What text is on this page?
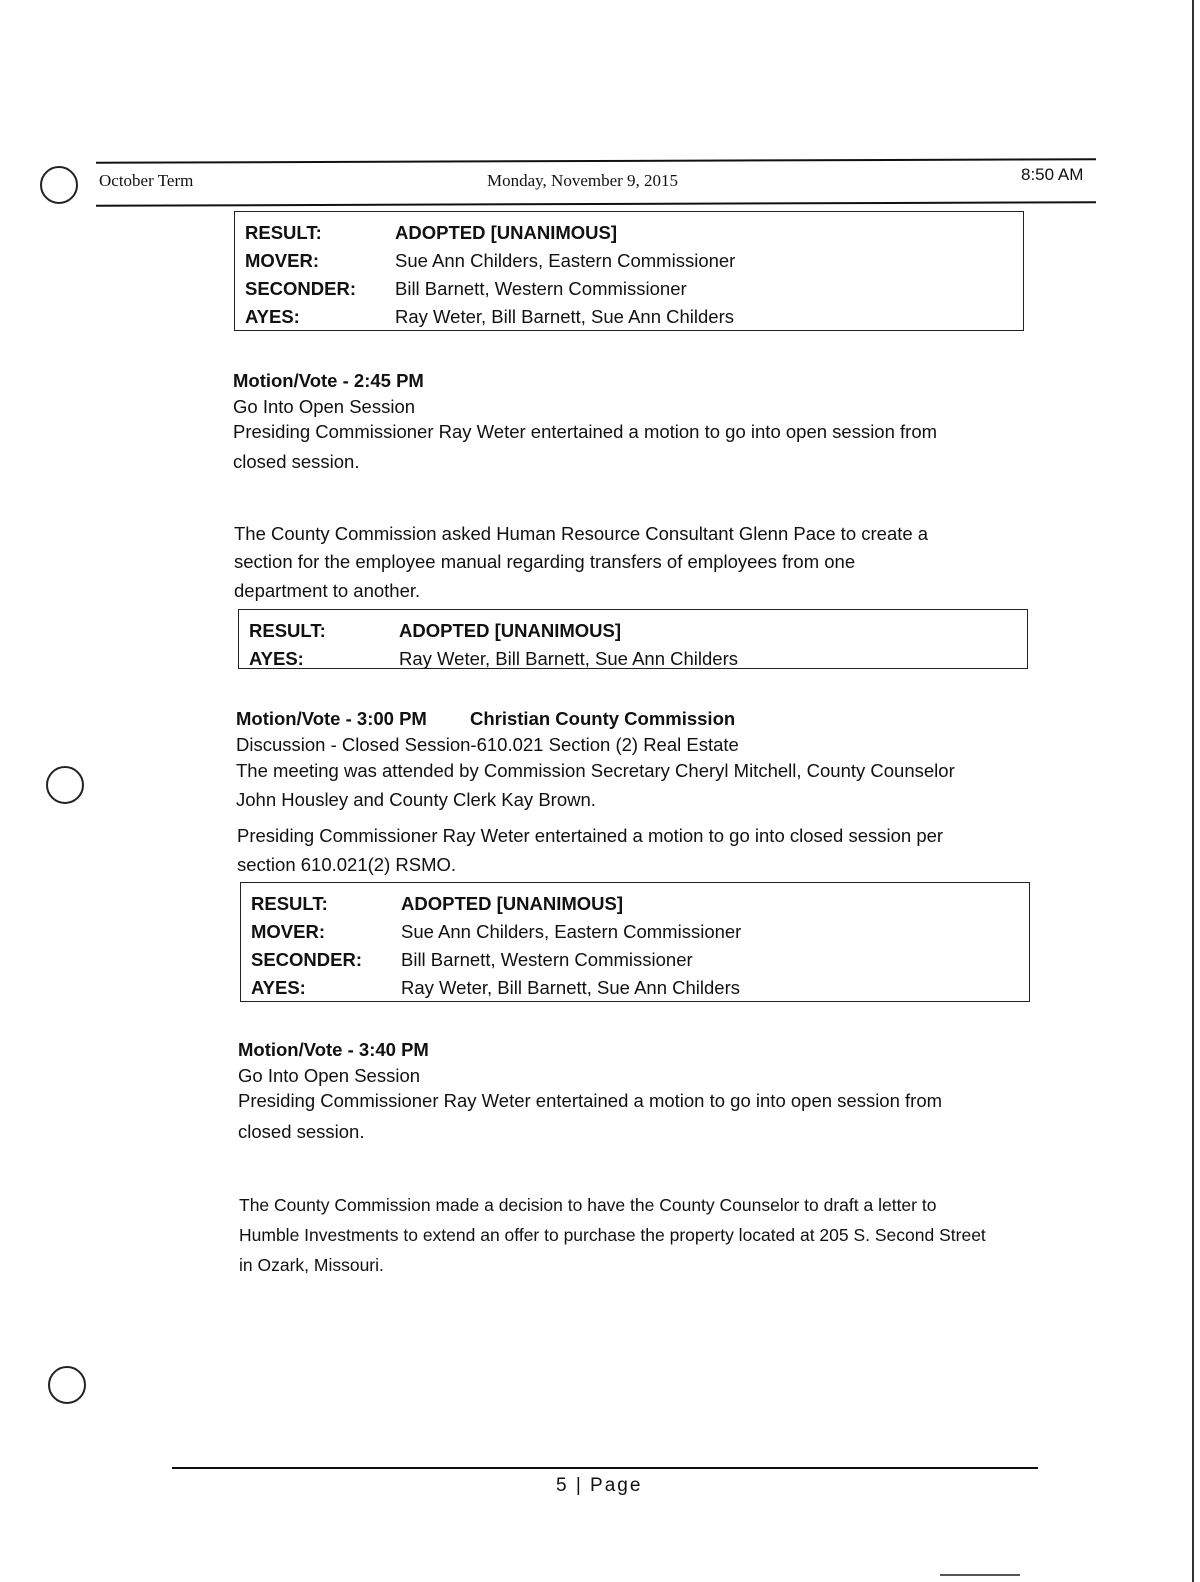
October Term	Monday, November 9, 2015	8:50 AM
RESULT:	ADOPTED [UNANIMOUS]
MOVER:	Sue Ann Childers, Eastern Commissioner
SECONDER: Bill Barnett, Western Commissioner
AYES:	Ray Weter, Bill Barnett, Sue Ann Childers
Motion/Vote - 2:45 PM
Go Into Open Session
Presiding Commissioner Ray Weter entertained a motion to go into open session from
closed session.
The County Commission asked Human Resource Consultant Glenn Pace to create a
section for the employee manual regarding transfers of employees from one
department to another.
RESULT:	ADOPTED [UNANIMOUS]
AYES:	Ray Weter, Bill Barnett, Sue Ann Childers
Motion/Vote - 3:00 PM Christian County Commission
Discussion - Closed Session-610.021 Section (2) Real Estate
The meeting was attended by Commission Secretary Cheryl Mitchell, County Counselor
John Housley and County Clerk Kay Brown.
Presiding Commissioner Ray Weter entertained a motion to go into closed session per
section 610.021(2) RSMO.
RESULT:	ADOPTED [UNANIMOUS]
MOVER:	Sue Ann Childers, Eastern Commissioner
SECONDER: Bill Barnett, Western Commissioner
AYES:	Ray Weter, Bill Barnett, Sue Ann Childers
Motion/Vote - 3:40 PM
Go Into Open Session
Presiding Commissioner Ray Weter entertained a motion to go into open session from
closed session.
The County Commission made a decision to have the County Counselor to draft a letter to
Humble Investments to extend an offer to purchase the property located at 205 S. Second Street
in Ozark, Missouri.
5 | Page
